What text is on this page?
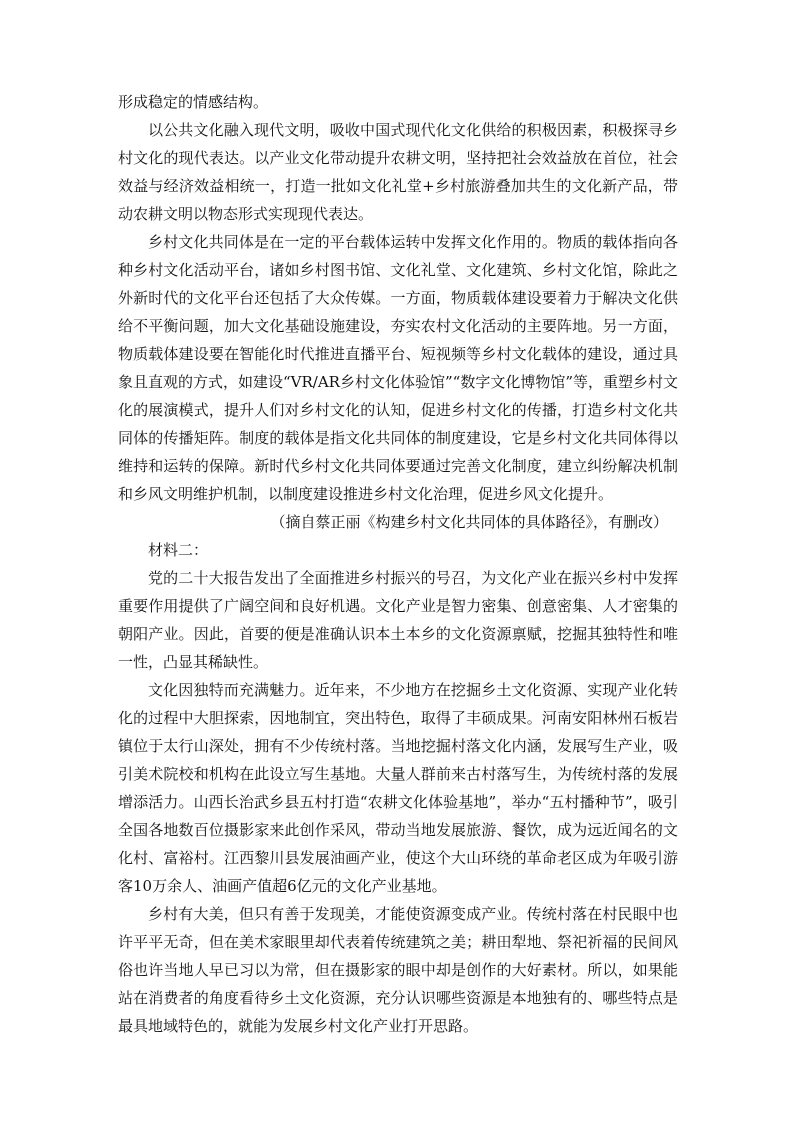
形成稳定的情感结构。

以公共文化融入现代文明，吸收中国式现代化文化供给的积极因素，积极探寻乡村文化的现代表达。以产业文化带动提升农耕文明，坚持把社会效益放在首位，社会效益与经济效益相统一，打造一批如文化礼堂+乡村旅游叠加共生的文化新产品，带动农耕文明以物态形式实现现代表达。

乡村文化共同体是在一定的平台载体运转中发挥文化作用的。物质的载体指向各种乡村文化活动平台，诸如乡村图书馆、文化礼堂、文化建筑、乡村文化馆，除此之外新时代的文化平台还包括了大众传媒。一方面，物质载体建设要着力于解决文化供给不平衡问题，加大文化基础设施建设，夯实农村文化活动的主要阵地。另一方面，物质载体建设要在智能化时代推进直播平台、短视频等乡村文化载体的建设，通过具象且直观的方式，如建设“VR/AR乡村文化体验馆”“数字文化博物馆”等，重塑乡村文化的展演模式，提升人们对乡村文化的认知，促进乡村文化的传播，打造乡村文化共同体的传播矩阵。制度的载体是指文化共同体的制度建设，它是乡村文化共同体得以维持和运转的保障。新时代乡村文化共同体要通过完善文化制度，建立纠纷解决机制和乡风文明维护机制，以制度建设推进乡村文化治理，促进乡风文化提升。

（摘自蔡正丽《构建乡村文化共同体的具体路径》，有删改）

材料二：

党的二十大报告发出了全面推进乡村振兴的号召，为文化产业在振兴乡村中发挥重要作用提供了广阔空间和良好机遇。文化产业是智力密集、创意密集、人才密集的朝阳产业。因此，首要的便是准确认识本土本乡的文化资源禀赋，挖掘其独特性和唯一性，凸显其稀缺性。

文化因独特而充满魅力。近年来，不少地方在挖掘乡土文化资源、实现产业化转化的过程中大胆探索，因地制宜，突出特色，取得了丰硕成果。河南安阳林州石板岩镇位于太行山深处，拥有不少传统村落。当地挖掘村落文化内涵，发展写生产业，吸引美术院校和机构在此设立写生基地。大量人群前来古村落写生，为传统村落的发展增添活力。山西长治武乡县五村打造“农耕文化体验基地”，举办“五村播种节”，吸引全国各地数百位摄影家来此创作采风，带动当地发展旅游、餐饮，成为远近闻名的文化村、富裕村。江西黎川县发展油画产业，使这个大山环绕的革命老区成为年吸引游客10万余人、油画产值超6亿元的文化产业基地。

乡村有大美，但只有善于发现美，才能使资源变成产业。传统村落在村民眼中也许平平无奇，但在美术家眼里却代表着传统建筑之美；耕田犁地、祭祀祈福的民间风俗也许当地人早已习以为常，但在摄影家的眼中却是创作的大好素材。所以，如果能站在消费者的角度看待乡土文化资源，充分认识哪些资源是本地独有的、哪些特点是最具地域特色的，就能为发展乡村文化产业打开思路。
